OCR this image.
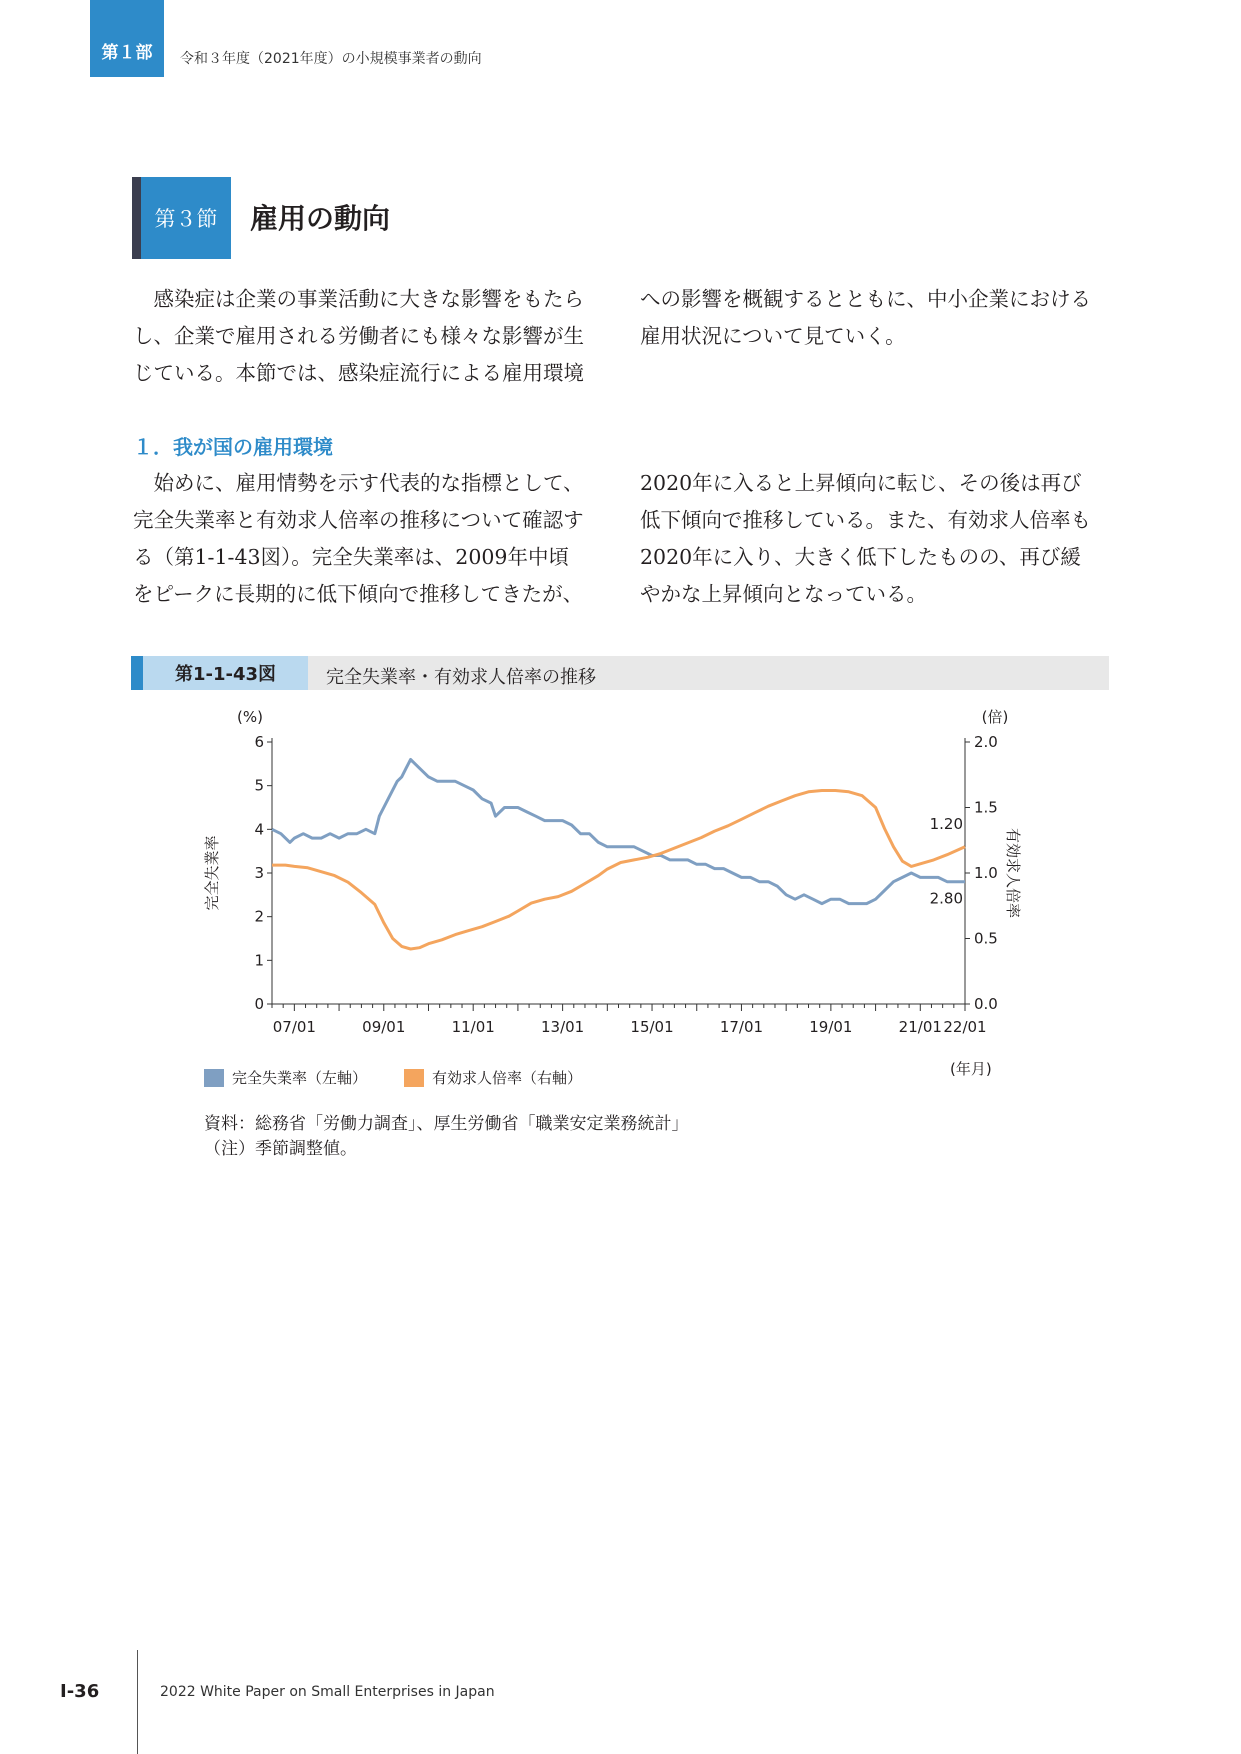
第１部 令和３年度（2021年度）の小規模事業者の動向
第３節	雇用の動向

　感染症は企業の事業活動に大きな影響をもたら
し、企業で雇用される労働者にも様々な影響が生
じている。本節では、感染症流行による雇用環境

への影響を概観するとともに、中小企業における
雇用状況について見ていく。

１．我が国の雇用環境

　始めに、雇用情勢を示す代表的な指標として、
完全失業率と有効求人倍率の推移について確認す
る（第1-1-43図）。完全失業率は、2009年中頃
をピークに長期的に低下傾向で推移してきたが、

2020年に入ると上昇傾向に転じ、その後は再び
低下傾向で推移している。また、有効求人倍率も
2020年に入り、大きく低下したものの、再び緩
やかな上昇傾向となっている。

第1-1-43図	完全失業率・有効求人倍率の推移
0
1
2
3
4
5
6
0.0
0.5
1.0
1.5
2.0
07/01	09/01	11/01	13/01	15/01	17/01	19/01	21/01 22/01
(%)	(倍)
完全失業率	有効求人倍率
1.20
2.80
完全失業率（左軸）	有効求人倍率（右軸）	(年月)

資料：総務省「労働力調査」、厚生労働省「職業安定業務統計」

（注）季節調整値。

Ⅰ-36	2022 White Paper on Small Enterprises in Japan
